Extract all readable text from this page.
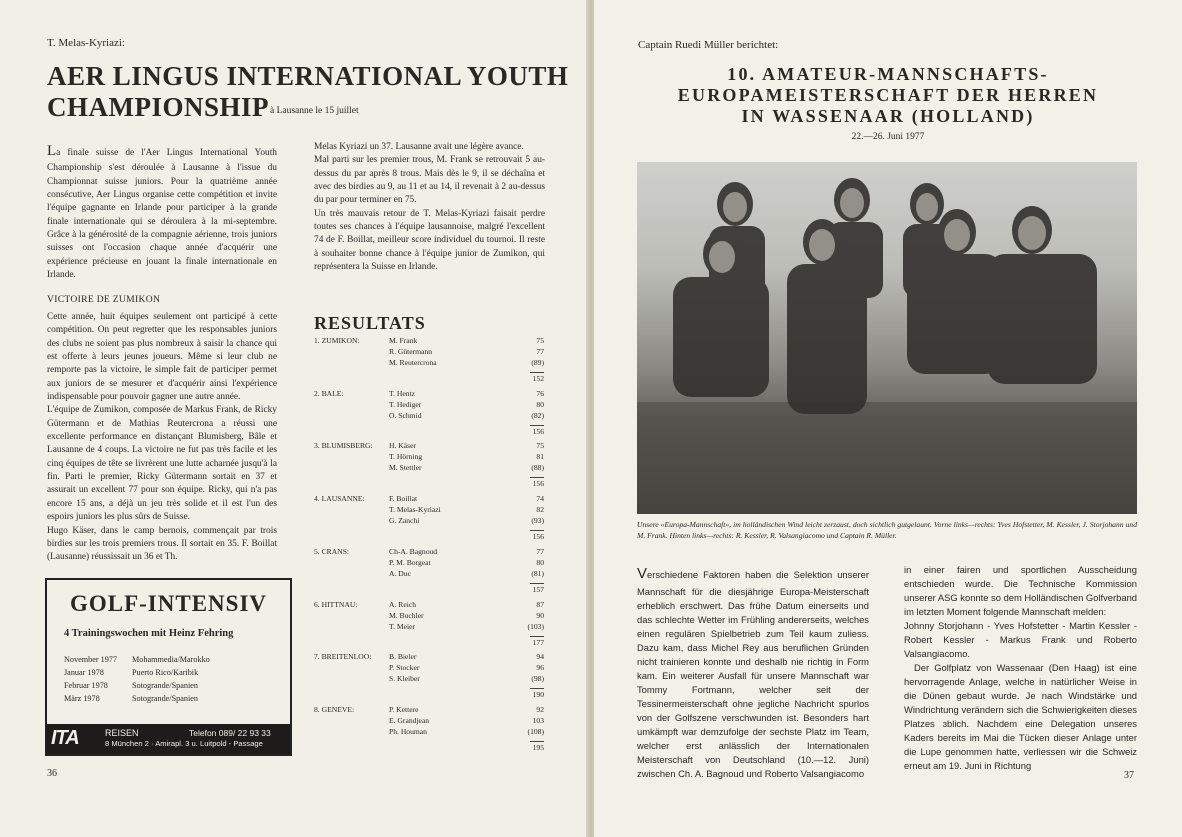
T. Melas-Kyriazi:
AER LINGUS INTERNATIONAL YOUTH
CHAMPIONSHIP à Lausanne le 15 juillet

La finale suisse de l'Aer Lingus International Youth Championship s'est déroulée à Lausanne à l'issue du Championnat suisse juniors. Pour la quatrième année consécutive, Aer Lingus organise cette compétition et invite l'équipe gagnante en Irlande pour participer à la grande finale internationale qui se déroulera à la mi-septembre. Grâce à la générosité de la compagnie aérienne, trois juniors suisses ont l'occasion chaque année d'acquérir une expérience précieuse en jouant la finale internationale en Irlande.

VICTOIRE DE ZUMIKON

Cette année, huit équipes seulement ont participé à cette compétition. On peut regretter que les responsables juniors des clubs ne soient pas plus nombreux à saisir la chance qui est offerte à leurs jeunes joueurs. Même si leur club ne remporte pas la victoire, le simple fait de participer permet aux juniors de se mesurer et d'acquérir ainsi l'expérience indispensable pour pouvoir gagner une autre année.

L'équipe de Zumikon, composée de Markus Frank, de Ricky Gütermann et de Mathias Reutercrona a réussi une excellente performance en distançant Blumisberg, Bâle et Lausanne de 4 coups. La victoire ne fut pas très facile et les cinq équipes de tête se livrèrent une lutte acharnée jusqu'à la fin. Parti le premier, Ricky Gütermann sortait en 37 et assurait un excellent 77 pour son équipe. Ricky, qui n'a pas encore 15 ans, a déjà un jeu très solide et il est l'un des espoirs juniors les plus sûrs de Suisse.

Hugo Käser, dans le camp bernois, commençait par trois birdies sur les trois premiers trous. Il sortait en 35. F. Boillat (Lausanne) réussissait un 36 et Th.

Melas Kyriazi un 37. Lausanne avait une légère avance.

Mal parti sur les premier trous, M. Frank se retrouvait 5 au-dessus du par après 8 trous. Mais dès le 9, il se déchaîna et avec des birdies au 9, au 11 et au 14, il revenait à 2 au-dessus du par pour terminer en 75.

Un très mauvais retour de T. Melas-Kyriazi faisait perdre toutes ses chances à l'équipe lausannoise, malgré l'excellent 74 de F. Boillat, meilleur score individuel du tournoi. Il reste à souhaiter bonne chance à l'équipe junior de Zumikon, qui représentera la Suisse en Irlande.

RESULTATS
1. ZUMIKON:	M. Frank	75
R. Gütermann	77
M. Reutercrona	(89)
152
2. BALE:	T. Hentz	76
T. Hediger	80
O. Schmid	(82)
156
3. BLUMISBERG: H. Käser	75
T. Hörning	81
M. Stettler	(88)
156
4. LAUSANNE:	F. Boillat	74
T. Melas-Kyriazi	82
G. Zanchi	(93)
156
5. CRANS:	Ch-A. Bagnoud	77
P. M. Borgeat	80
A. Duc	(81)
157
6. HITTNAU:	A. Reich	87
M. Buchler	90
T. Meier	(103)
177
7. BREITENLOO: B. Bieler	94
P. Stocker	96
S. Kleiber	(98)
190
8. GENEVE:	P. Kettere	92
E. Grandjean	103
Ph. Houman	(108)
195
GOLF-INTENSIV
4 Trainingswochen mit Heinz Fehring
November 1977 Mohammedia/Marokko
Januar 1978	Puerto Rico/Karibik
Februar 1978	Sotogrande/Spanien
März 1978	Sotogrande/Spanien
ITA	REISEN	Telefon 089/ 22 93 33
8 München 2 · Amirapl. 3 u. Luitpold - Passage
36
Captain Ruedi Müller berichtet:
10. AMATEUR-MANNSCHAFTS-
EUROPAMEISTERSCHAFT DER HERREN
IN WASSENAAR (HOLLAND)
22.—26. Juni 1977
Unsere «Europa-Mannschaft», im holländischen Wind leicht zerzaust, doch sichtlich gutgelaunt. Vorne links—rechts: Yves Hofstetter, M. Kessler, J. Storjohann und M. Frank. Hinten links—rechts: R. Kessler, R. Valsangiacomo und Captain R. Müller.

Verschiedene Faktoren haben die Selektion unserer Mannschaft für die diesjährige Europa-Meisterschaft erheblich erschwert. Das frühe Datum einerseits und das schlechte Wetter im Frühling andererseits, welches einen regulären Spielbetrieb zum Teil kaum zuliess. Dazu kam, dass Michel Rey aus beruflichen Gründen nicht trainieren konnte und deshalb nie richtig in Form kam. Ein weiterer Ausfall für unsere Mannschaft war Tommy Fortmann, welcher seit der Tessinermeisterschaft ohne jegliche Nachricht spurlos von der Golfszene verschwunden ist. Besonders hart umkämpft war demzufolge der sechste Platz im Team, welcher erst anlässlich der Internationalen Meisterschaft von Deutschland (10.—12. Juni) zwischen Ch. A. Bagnoud und Roberto Valsangiacomo

in einer fairen und sportlichen Ausscheidung entschieden wurde. Die Technische Kommission unserer ASG konnte so dem Holländischen Golfverband im letzten Moment folgende Mannschaft melden:

Johnny Storjohann - Yves Hofstetter - Martin Kessler - Robert Kessler - Markus Frank und Roberto Valsangiacomo.

Der Golfplatz von Wassenaar (Den Haag) ist eine hervorragende Anlage, welche in natürlicher Weise in die Dünen gebaut wurde. Je nach Windstärke und Windrichtung verändern sich die Schwierigkeiten dieses Platzes ɜblich. Nachdem eine Delegation unseres Kaders bereits im Mai die Tücken dieser Anlage unter die Lupe genommen hatte, verliessen wir die Schweiz erneut am 19. Juni in Richtung

37
